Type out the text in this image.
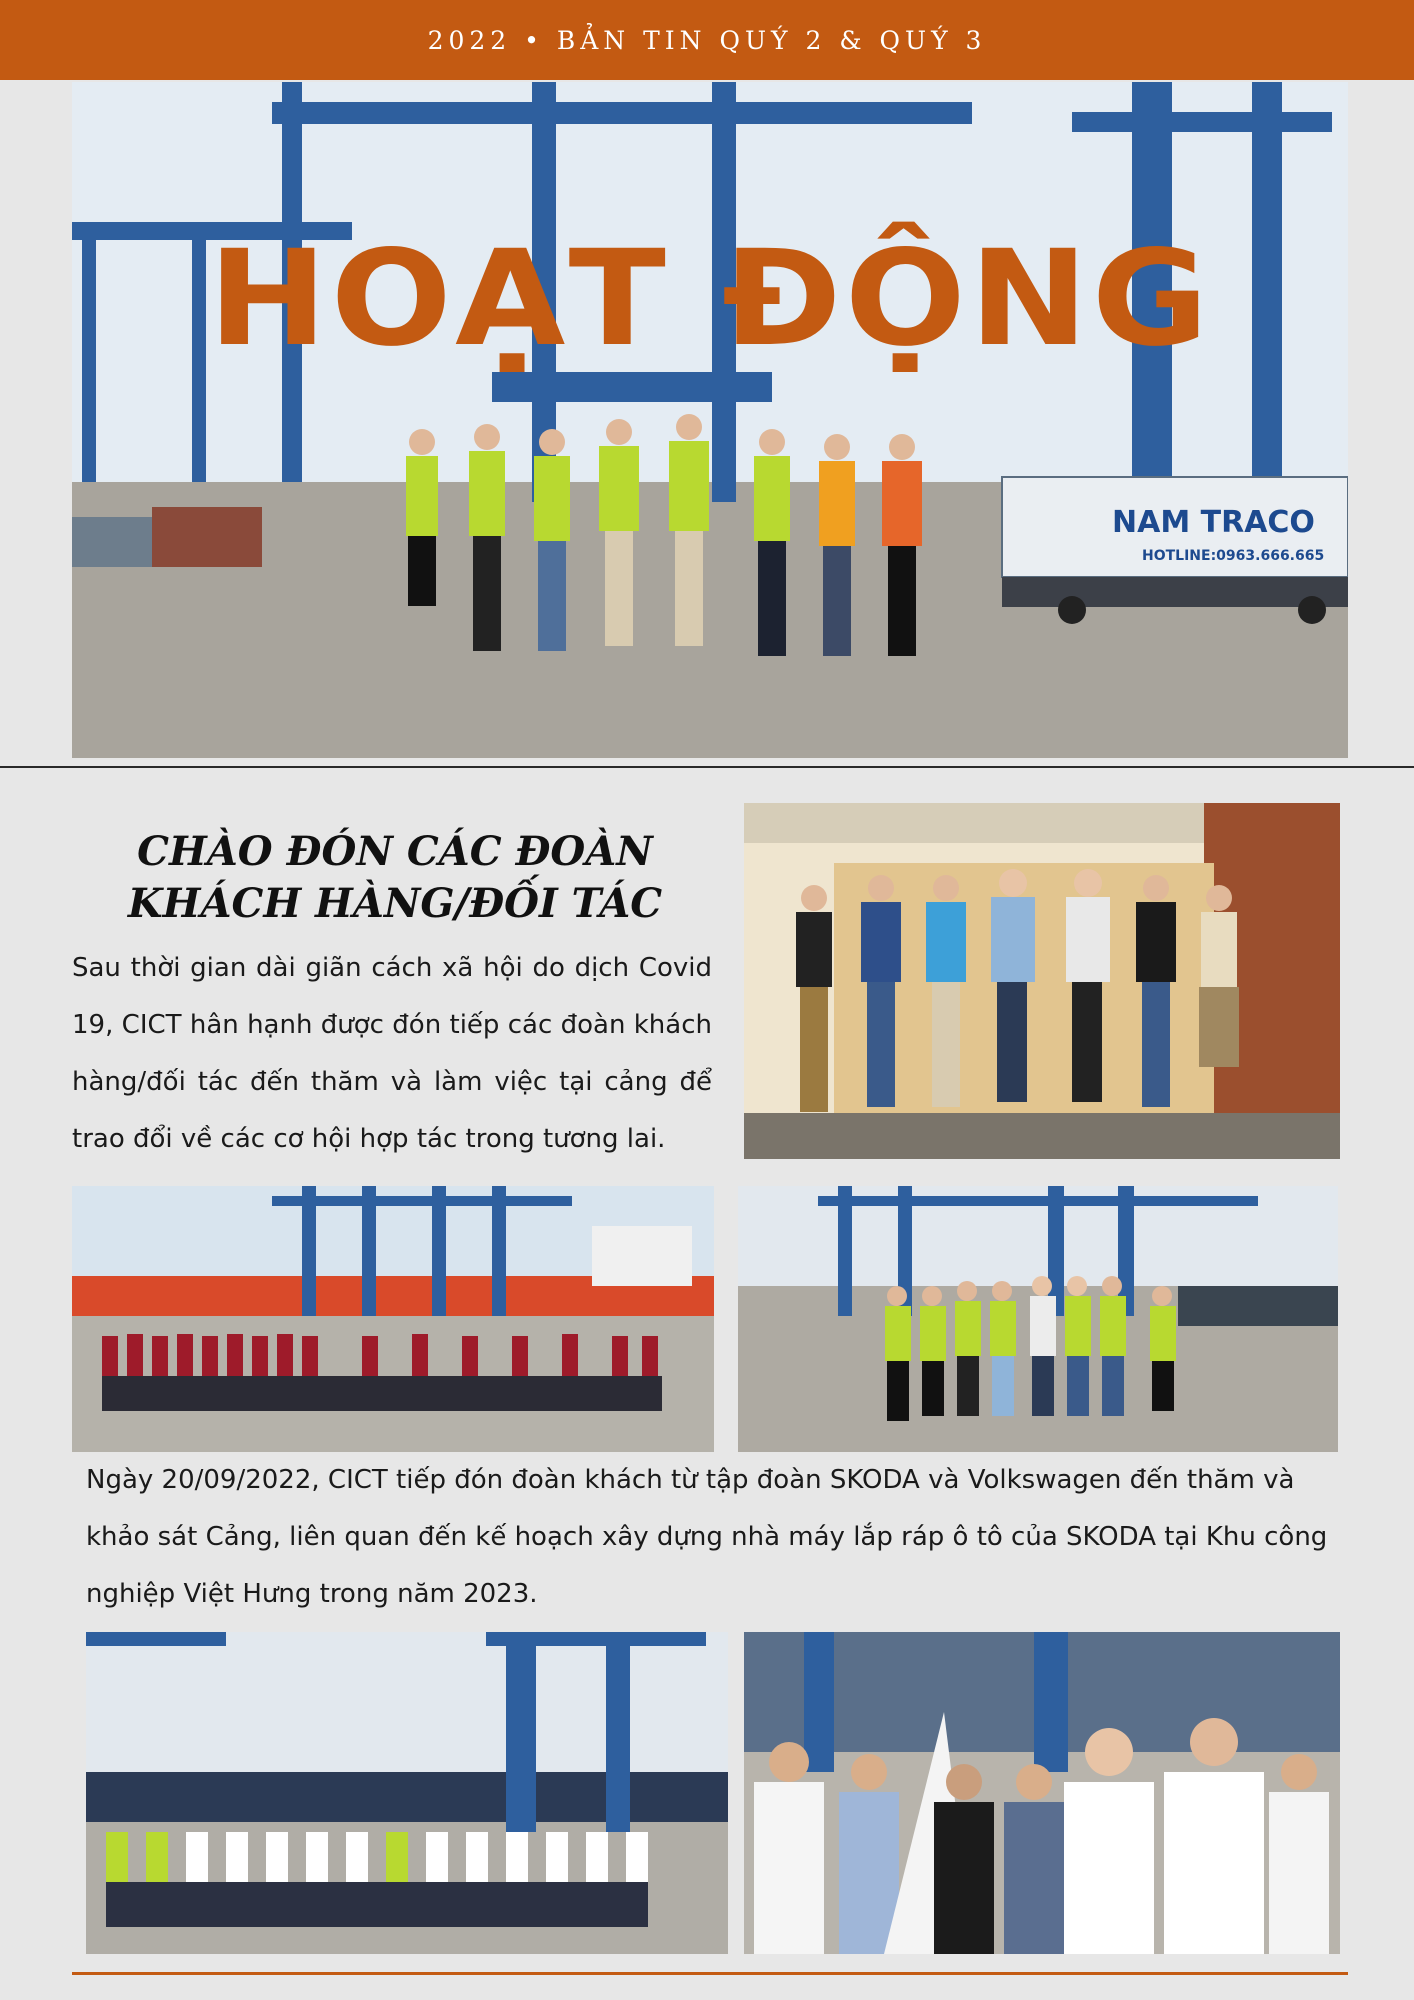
2022 • BẢN TIN QUÝ 2 & QUÝ 3
NAM TRACO
HOTLINE:0963.666.665
HOẠT ĐỘNG
CHÀO ĐÓN CÁC ĐOÀN
KHÁCH HÀNG/ĐỐI TÁC
Sau thời gian dài giãn cách xã hội do dịch Covid 19, CICT hân hạnh được đón tiếp các đoàn khách hàng/đối tác đến thăm và làm việc tại cảng để trao đổi về các cơ hội hợp tác trong tương lai.
Ngày 20/09/2022, CICT tiếp đón đoàn khách từ tập đoàn SKODA và Volkswagen đến thăm và khảo sát Cảng, liên quan đến kế hoạch xây dựng nhà máy lắp ráp ô tô của SKODA tại Khu công nghiệp Việt Hưng trong năm 2023.
